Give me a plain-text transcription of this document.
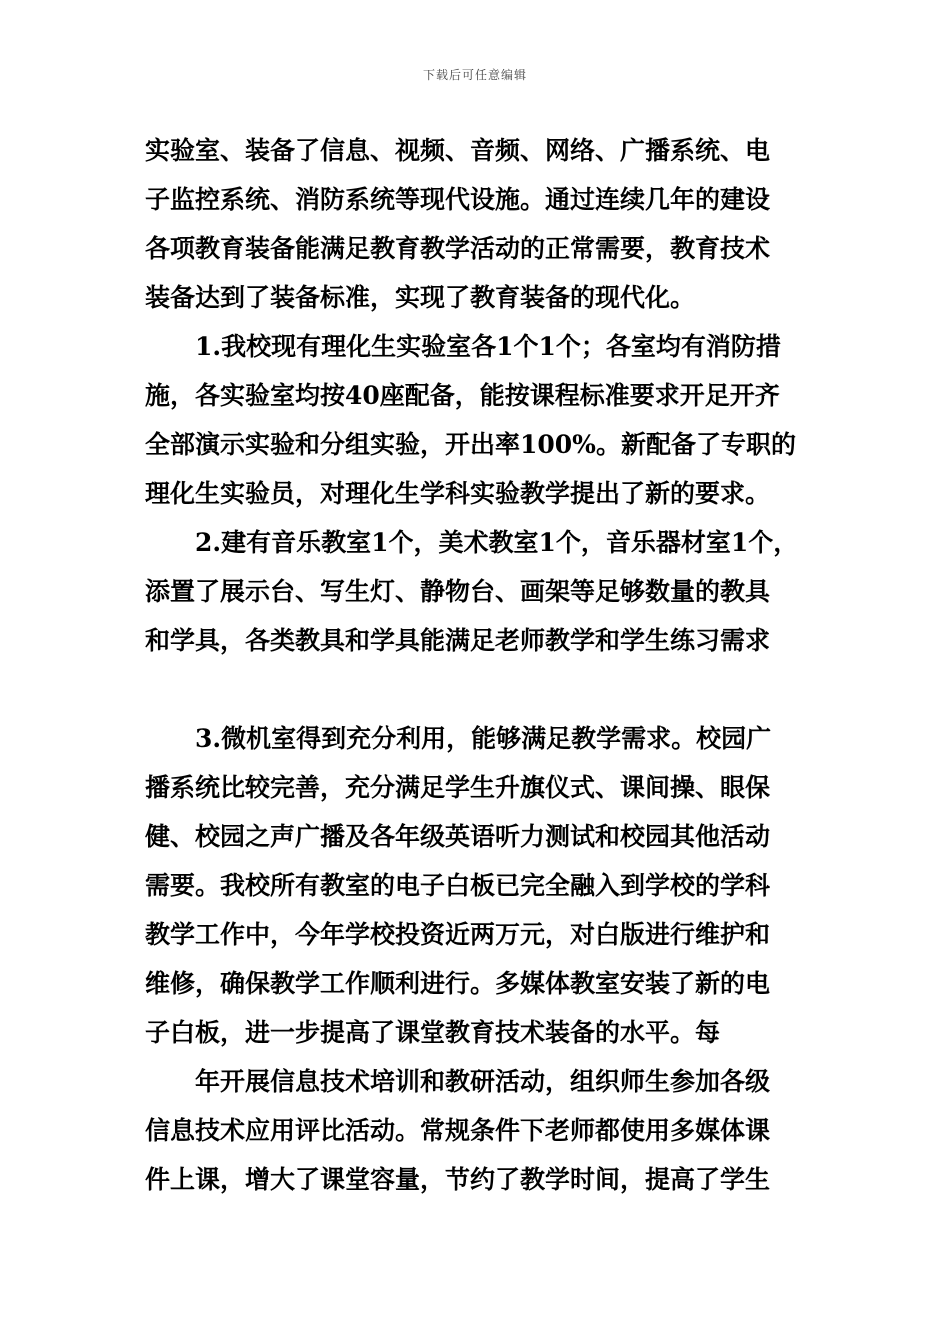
下载后可任意编辑
实验室、装备了信息、视频、音频、网络、广播系统、电
子监控系统、消防系统等现代设施。通过连续几年的建设
各项教育装备能满足教育教学活动的正常需要，教育技术
装备达到了装备标准，实现了教育装备的现代化。
1.我校现有理化生实验室各1个1个；各室均有消防措
施，各实验室均按40座配备，能按课程标准要求开足开齐
全部演示实验和分组实验，开出率100%。新配备了专职的
理化生实验员，对理化生学科实验教学提出了新的要求。
2.建有音乐教室1个，美术教室1个，音乐器材室1个，
添置了展示台、写生灯、静物台、画架等足够数量的教具
和学具，各类教具和学具能满足老师教学和学生练习需求
3.微机室得到充分利用，能够满足教学需求。校园广
播系统比较完善，充分满足学生升旗仪式、课间操、眼保
健、校园之声广播及各年级英语听力测试和校园其他活动
需要。我校所有教室的电子白板已完全融入到学校的学科
教学工作中，今年学校投资近两万元，对白版进行维护和
维修，确保教学工作顺利进行。多媒体教室安装了新的电
子白板，进一步提高了课堂教育技术装备的水平。每
年开展信息技术培训和教研活动，组织师生参加各级
信息技术应用评比活动。常规条件下老师都使用多媒体课
件上课，增大了课堂容量，节约了教学时间，提高了学生
